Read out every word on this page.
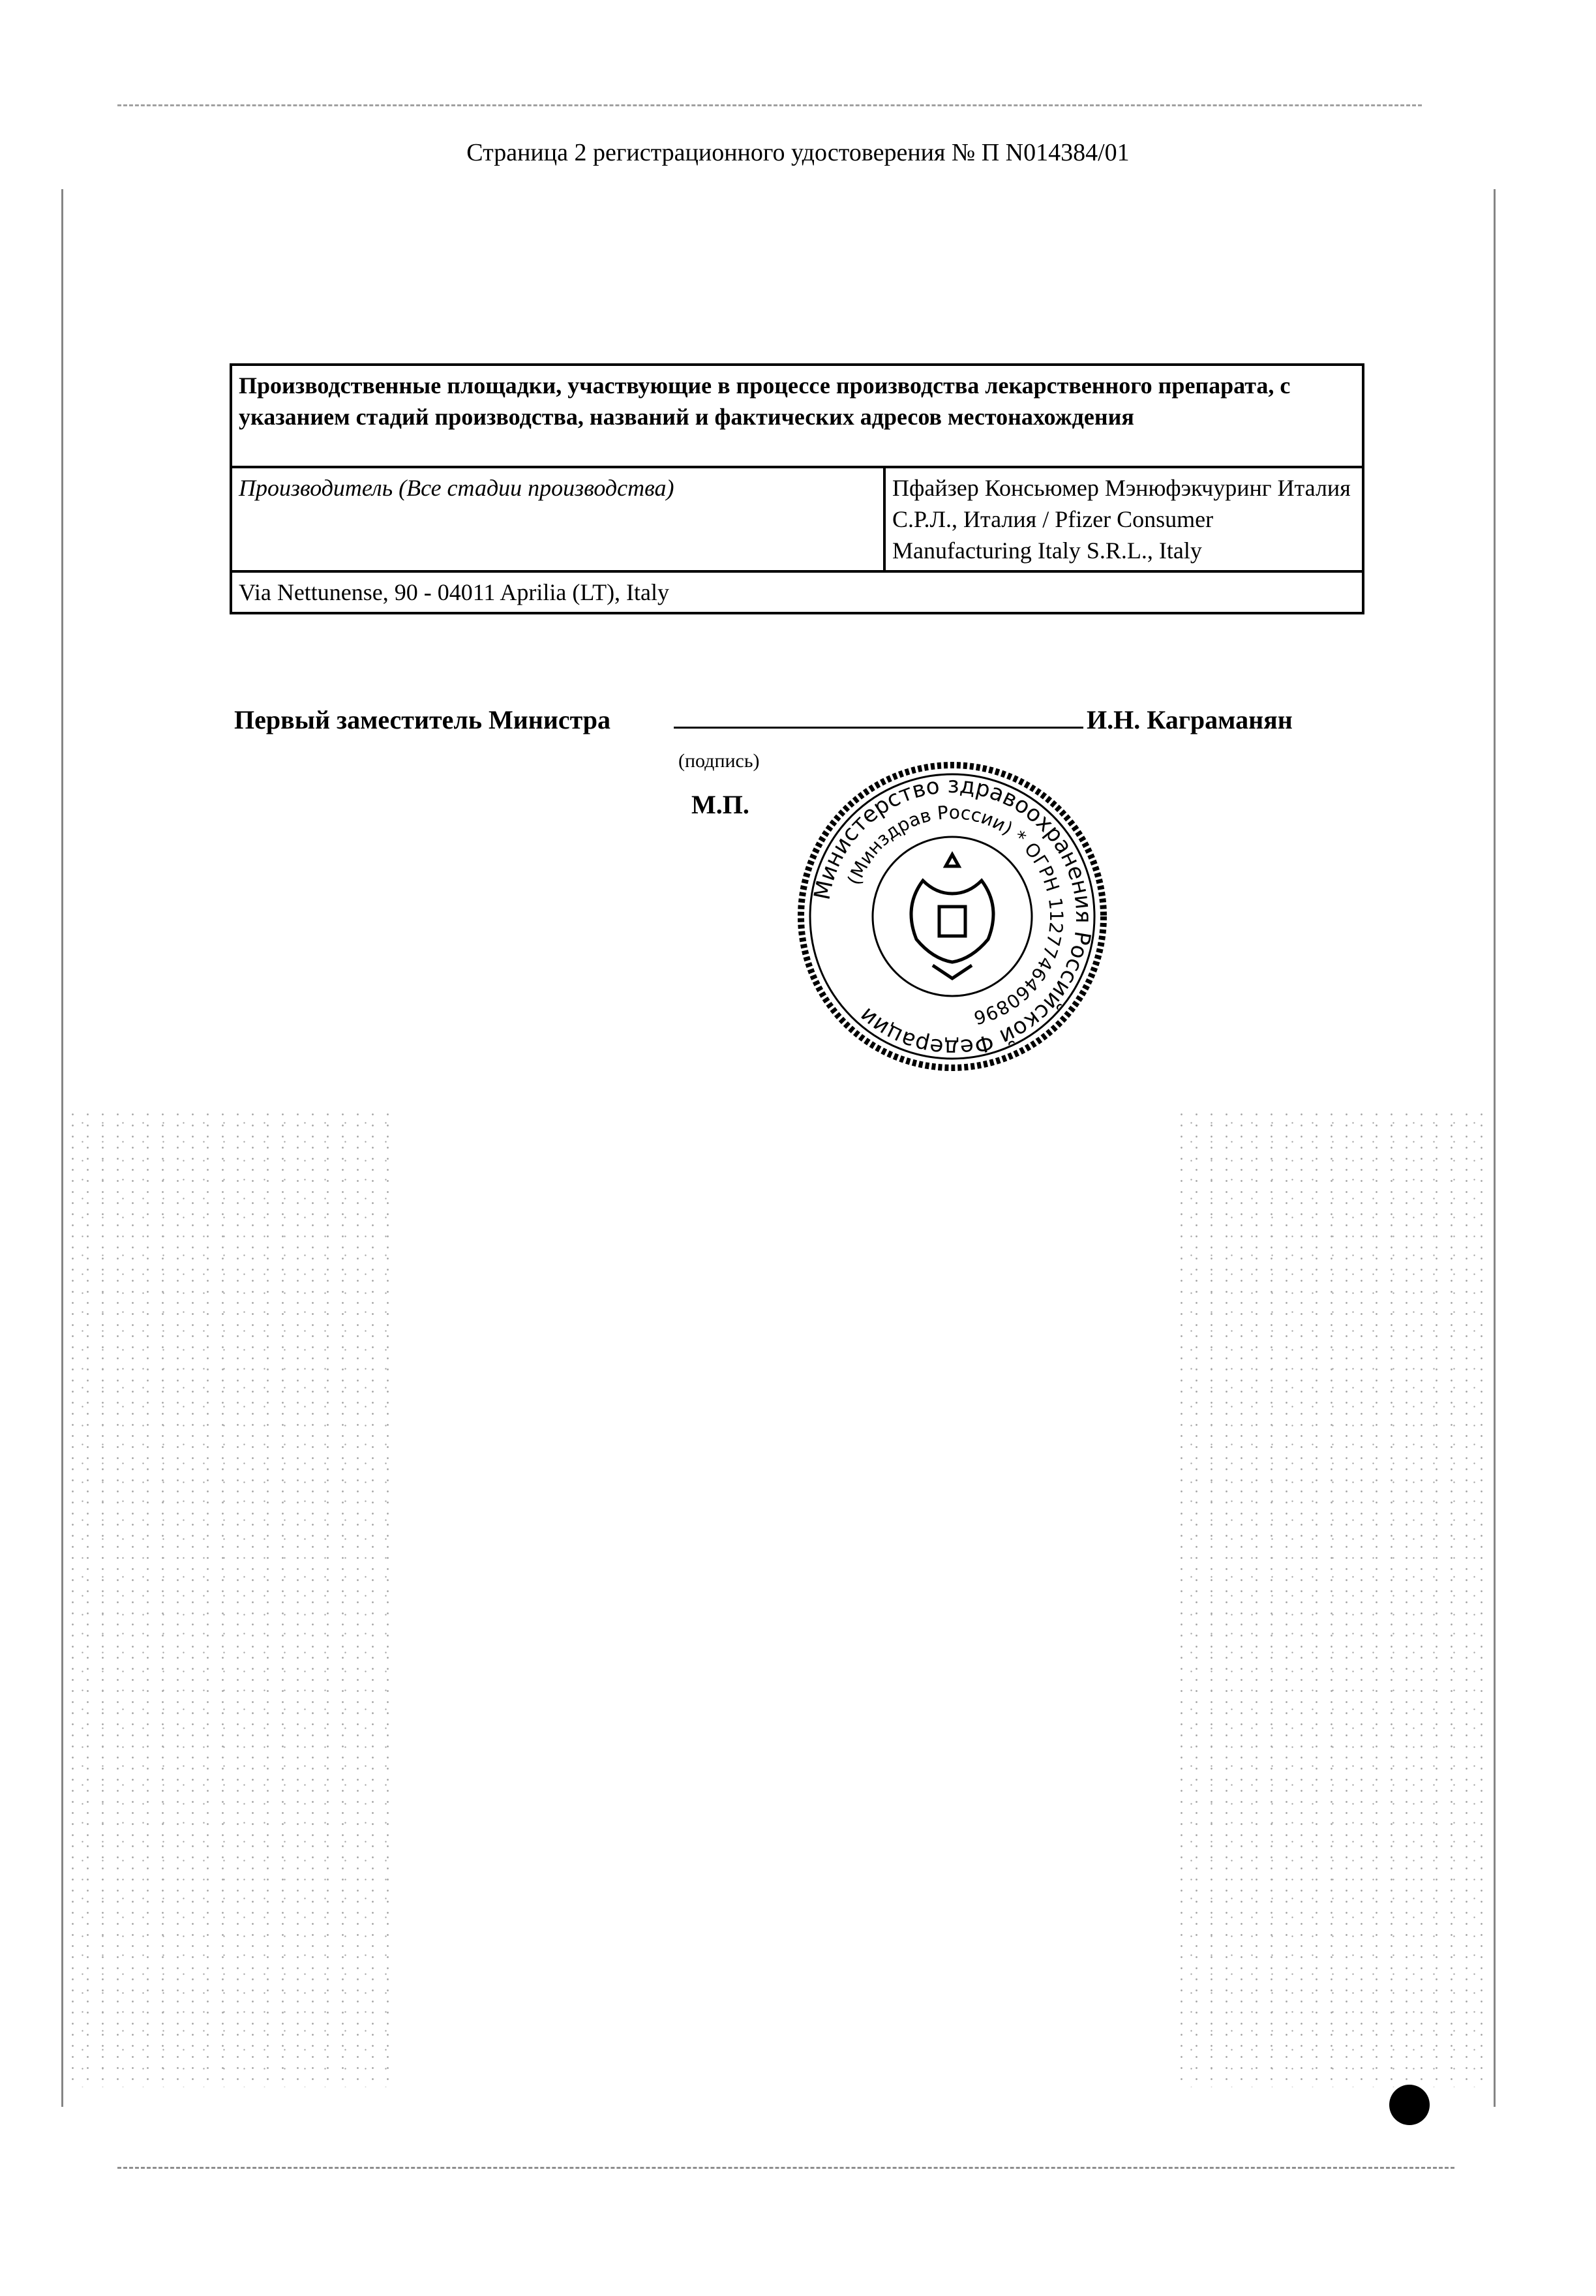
Страница 2 регистрационного удостоверения № П N014384/01
Производственные площадки, участвующие в процессе производства лекарственного препарата, с указанием стадий производства, названий и фактических адресов местонахождения
Производитель (Все стадии производства)	Пфайзер Консьюмер Мэнюфэкчуринг Италия С.Р.Л., Италия / Pfizer Consumer Manufacturing Italy S.R.L., Italy
Via Nettunense, 90 - 04011 Aprilia (LT), Italy
Первый заместитель Министра	И.Н. Каграманян
(подпись)
М.П.
Министерство здравоохранения Российской Федерации
(Минздрав России) * ОГРН 1127746460896
